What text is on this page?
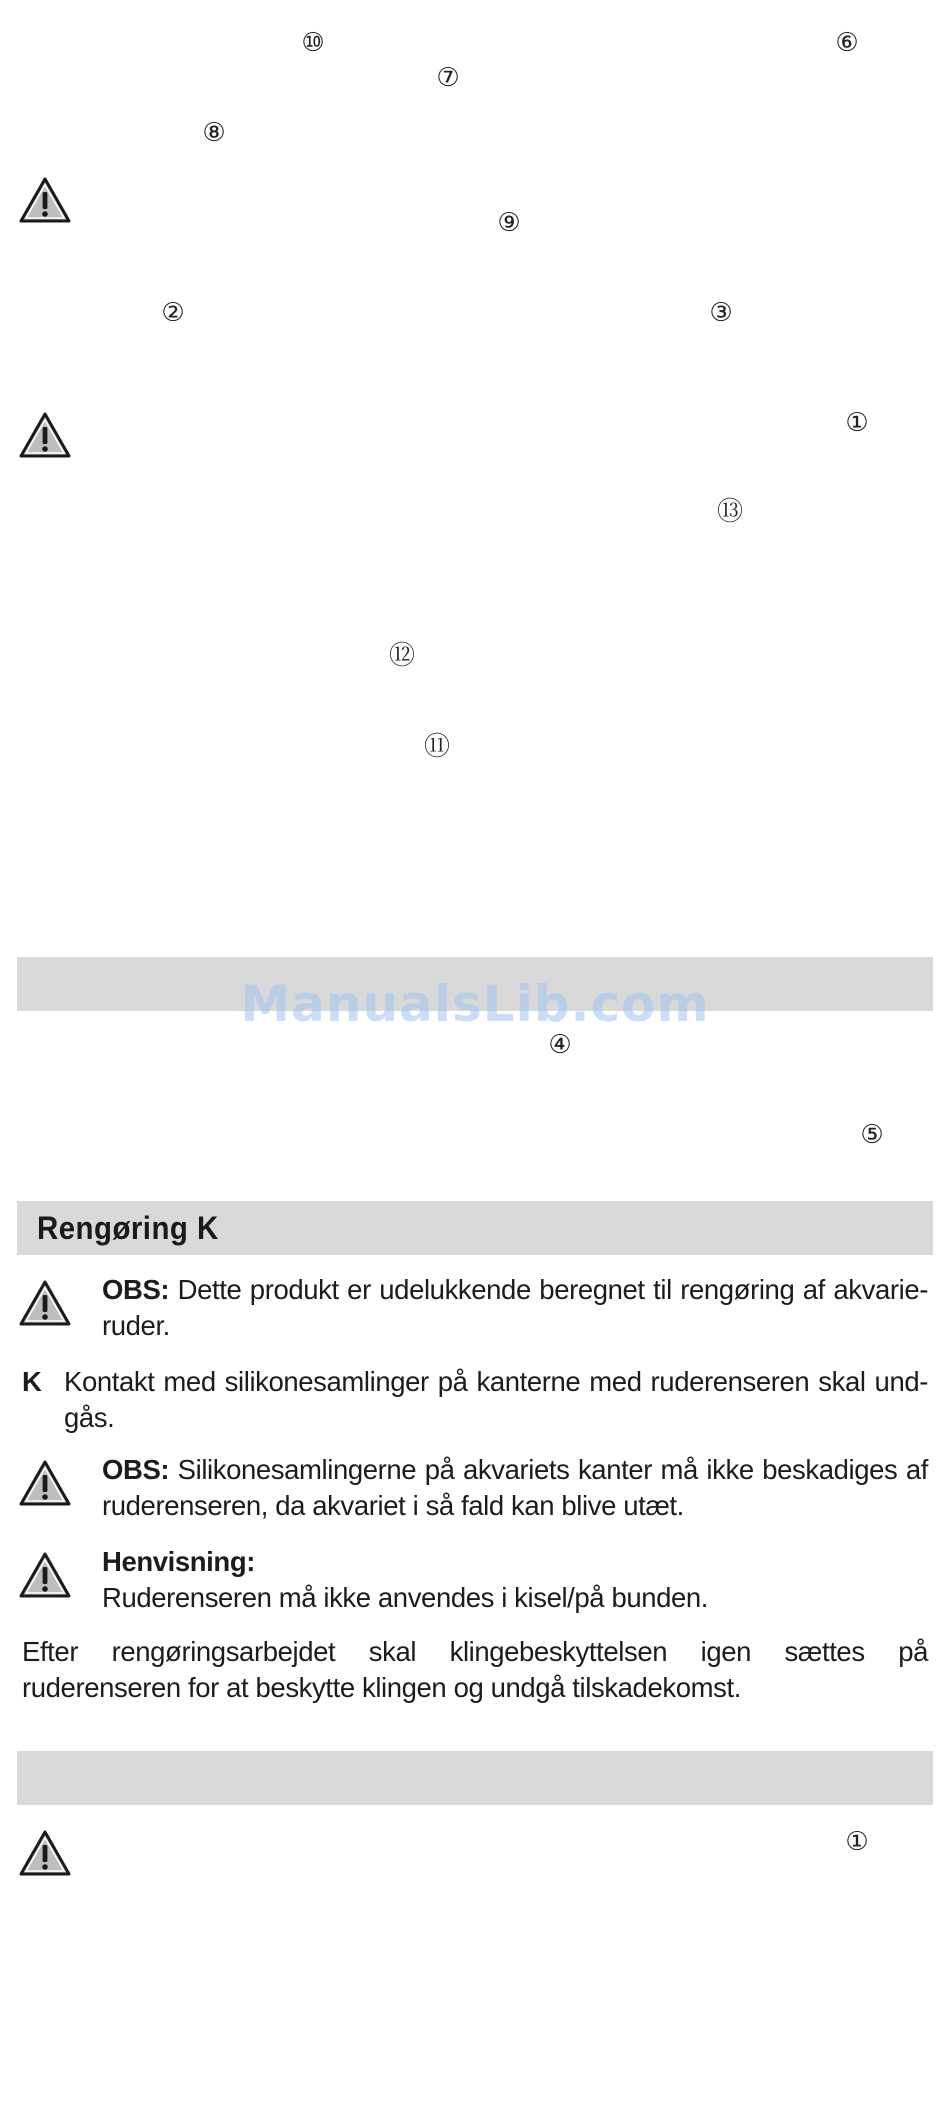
⑩	⑥
⑦
⑧
⑨
②	③
①
⑬
⑫
⑪
④
⑤
①
ManualsLib.com
Rengøring K
OBS: Dette produkt er udelukkende beregnet til rengøring af akvarie-ruder.
K Kontakt med silikonesamlinger på kanterne med ruderenseren skal und-gås.
OBS: Silikonesamlingerne på akvariets kanter må ikke beskadiges af ruderenseren, da akvariet i så fald kan blive utæt.
Henvisning:
Ruderenseren må ikke anvendes i kisel/på bunden.
Efter rengøringsarbejdet skal klingebeskyttelsen igen sættes på ruderenseren for at beskytte klingen og undgå tilskadekomst.
